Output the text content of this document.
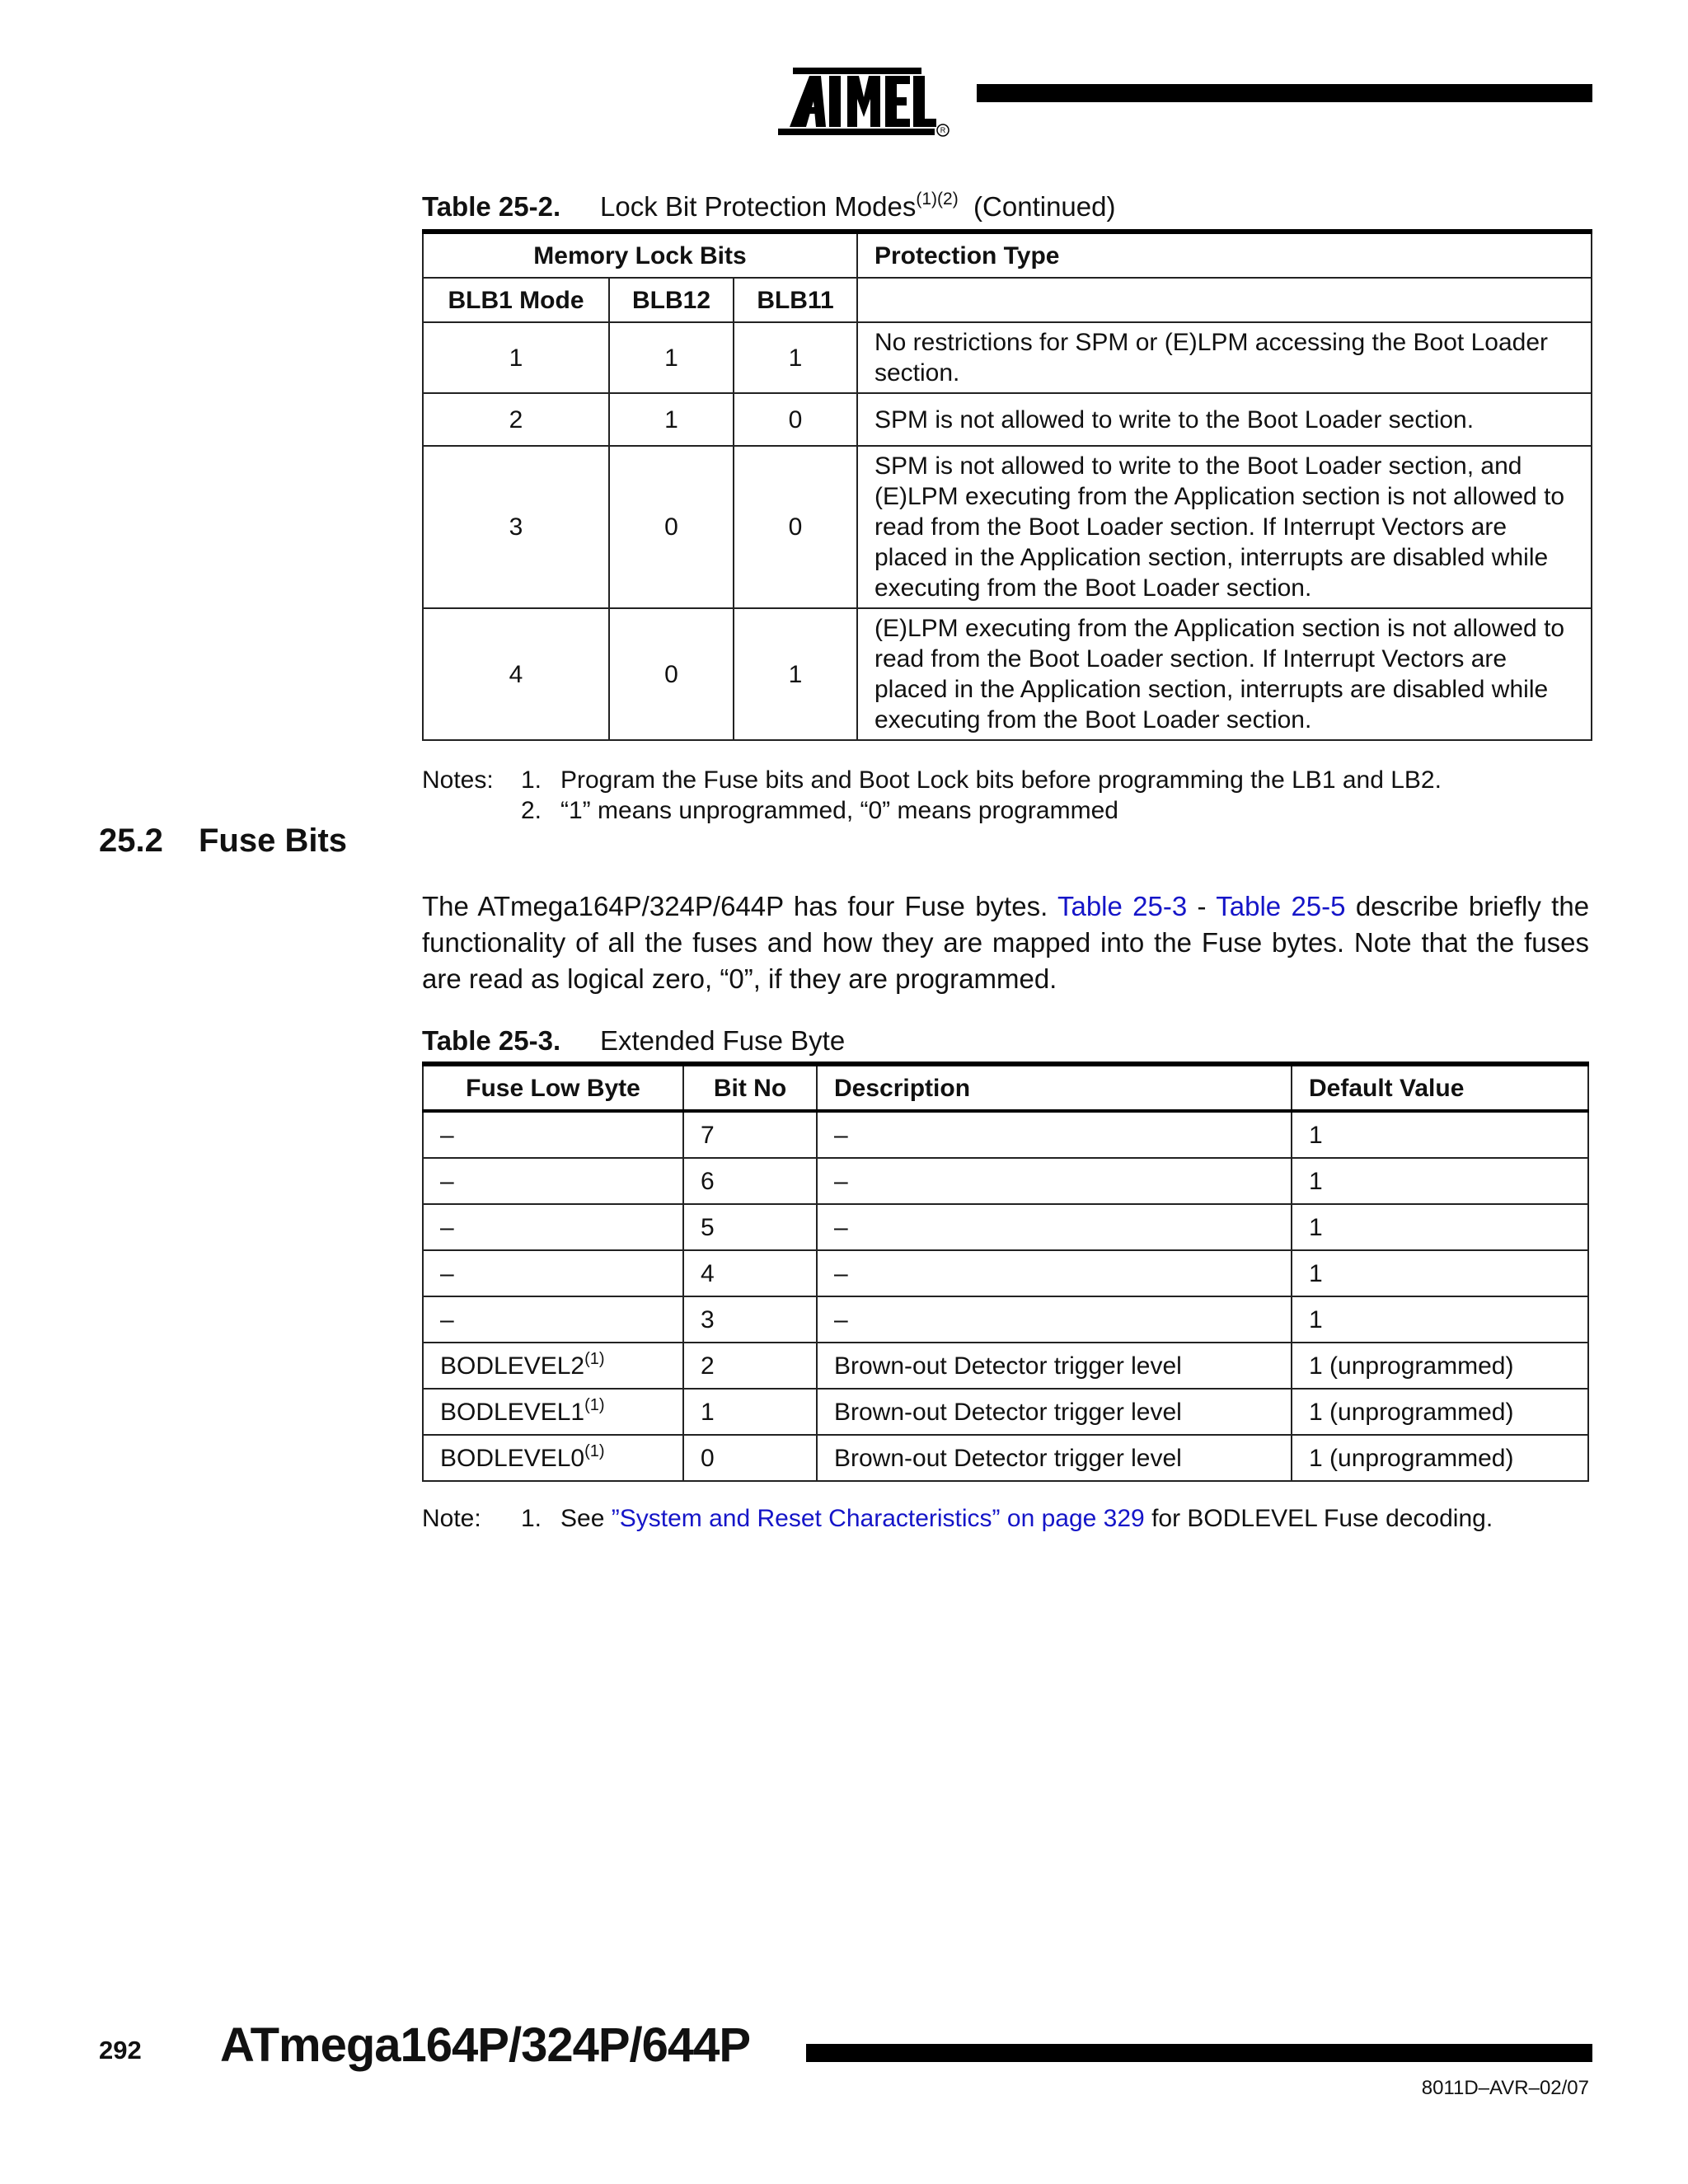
R
Table 25-2. Lock Bit Protection Modes$^{(1)(2)}$ (Continued)
Memory Lock Bits			Protection Type
BLB1 Mode	BLB12	BLB11	
1	1	1	No restrictions for SPM or (E)LPM accessing the Boot Loader section.
2	1	0	SPM is not allowed to write to the Boot Loader section.
3	0	0	SPM is not allowed to write to the Boot Loader section, and (E)LPM executing from the Application section is not allowed to read from the Boot Loader section. If Interrupt Vectors are placed in the Application section, interrupts are disabled while executing from the Boot Loader section.
4	0	1	(E)LPM executing from the Application section is not allowed to read from the Boot Loader section. If Interrupt Vectors are placed in the Application section, interrupts are disabled while executing from the Boot Loader section.
Notes: 1. Program the Fuse bits and Boot Lock bits before programming the LB1 and LB2.
2. “1” means unprogrammed, “0” means programmed
25.2 Fuse Bits
The ATmega164P/324P/644P has four Fuse bytes. Table 25-3 - Table 25-5 describe briefly the functionality of all the fuses and how they are mapped into the Fuse bytes. Note that the fuses are read as logical zero, “0”, if they are programmed.
Table 25-3. Extended Fuse Byte
Fuse Low Byte	Bit No	Description	Default Value
–	7	–	1
–	6	–	1
–	5	–	1
–	4	–	1
–	3	–	1
BODLEVEL2$^{(1)}$	2	Brown-out Detector trigger level	1 (unprogrammed)
BODLEVEL1$^{(1)}$	1	Brown-out Detector trigger level	1 (unprogrammed)
BODLEVEL0$^{(1)}$	0	Brown-out Detector trigger level	1 (unprogrammed)
Note: 1. See ”System and Reset Characteristics” on page 329 for BODLEVEL Fuse decoding.
292 ATmega164P/324P/644P
8011D–AVR–02/07
